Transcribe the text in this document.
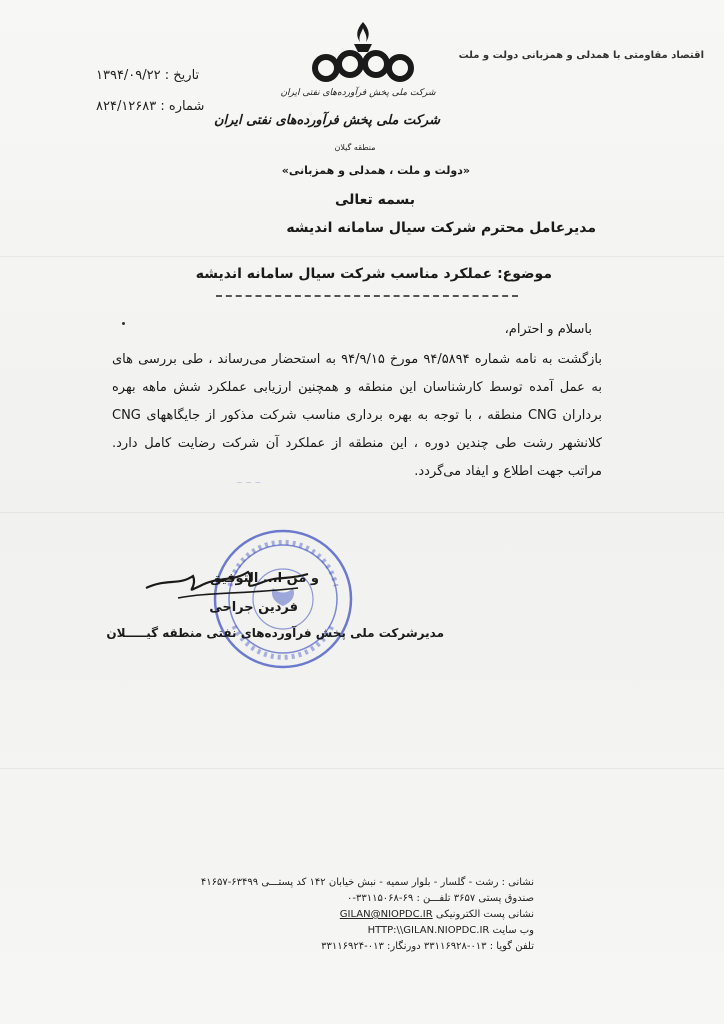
اقتصاد مقاومتی با همدلی و همزبانی دولت و ملت
تاریخ : ۱۳۹۴/۰۹/۲۲
شماره : ۸۲۴/۱۲۶۸۳
شرکت ملی پخش فرآورده‌های نفتی ایران
شرکت ملی پخش فرآورده‌های نفتی ایران
منطقه گیلان
«دولت و ملت ، همدلی و همزبانی»
بسمه تعالی
مدیرعامل محترم شرکت سیال سامانه اندیشه
موضوع: عملکرد مناسب شرکت سیال سامانه اندیشه
باسلام و احترام،
بازگشت به نامه شماره ۹۴/۵۸۹۴ مورخ ۹۴/۹/۱۵ به استحضار می‌رساند ، طی بررسی های به عمل آمده توسط کارشناسان این منطقه و همچنین ارزیابی عملکرد شش ماهه بهره برداران CNG منطقه ، با توجه به بهره برداری مناسب شرکت مذکور از جایگاههای CNG کلانشهر رشت طی چندین دوره ، این منطقه از عملکرد آن شرکت رضایت کامل دارد. مراتب جهت اطلاع و ایفاد می‌گردد.
~ ~ ~
و من ا... التوفیق
فردین جراحی
مدیرشرکت ملی پخش فرآورده‌های نفتی منطقه گیـــــلان
نشانی : رشت - گلسار - بلوار سمیه - نبش خیابان ۱۴۲ کد پستـــی ۶۳۴۹۹-۴۱۶۵۷
صندوق پستی ۳۶۵۷ تلفـــن : ۶۹-۳۳۱۱۵۰۶۸-۰
نشانی پست الکترونیکی GILAN@NIOPDC.IR
وب سایت HTTP:\\GILAN.NIOPDC.IR
تلفن گویا : ۰۱۳-۳۳۱۱۶۹۲۸ دورنگار: ۰۱۳-۳۳۱۱۶۹۲۴
